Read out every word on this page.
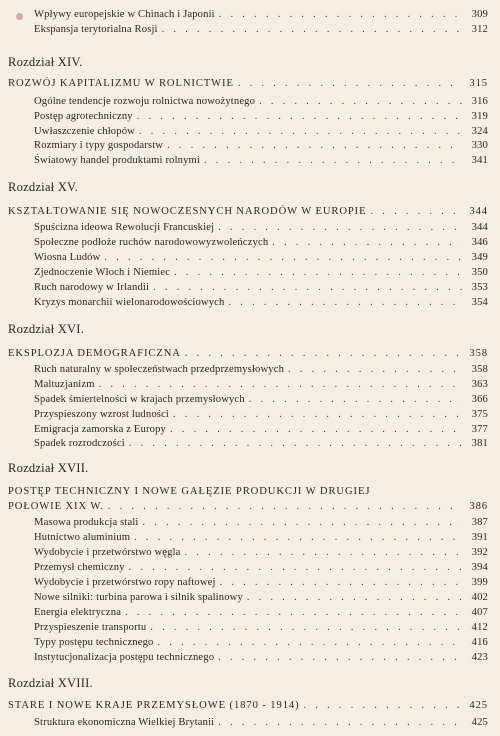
Wpływy europejskie w Chinach i Japonii . . .	309
Ekspansja terytorialna Rosji . . .	312
Rozdział XIV.
ROZWÓJ KAPITALIZMU W ROLNICTWIE . . .	315
Ogólne tendencje rozwoju rolnictwa nowożytnego . . .	316
Postęp agrotechniczny . . .	319
Uwłaszczenie chłopów . . .	324
Rozmiary i typy gospodarstw . . .	330
Światowy handel produktami rolnymi . . .	341
Rozdział XV.
KSZTAŁTOWANIE SIĘ NOWOCZESNYCH NARODÓW W EUROPIE . . .	344
Spuścizna ideowa Rewolucji Francuskiej . . .	344
Społeczne podłoże ruchów narodowowyzwoleńczych . . .	346
Wiosna Ludów . . .	349
Zjednoczenie Włoch i Niemiec . . .	350
Ruch narodowy w Irlandii . . .	353
Kryzys monarchii wielonarodowościowych . . .	354
Rozdział XVI.
EKSPLOZJA DEMOGRAFICZNA . . .	358
Ruch naturalny w społeczeństwach przedprzemysłowych . . .	358
Maltuzjanizm . . .	363
Spadek śmiertelności w krajach przemysłowych . . .	366
Przyspieszony wzrost ludności . . .	375
Emigracja zamorska z Europy . . .	377
Spadek rozrodczości . . .	381
Rozdział XVII.
POSTĘP TECHNICZNY I NOWE GAŁĘZIE PRODUKCJI W DRUGIEJ
POŁOWIE XIX W. . . .	386
Masowa produkcja stali . . .	387
Hutnictwo aluminium . . .	391
Wydobycie i przetwórstwo węgla . . .	392
Przemysł chemiczny . . .	394
Wydobycie i przetwórstwo ropy naftowej . . .	399
Nowe silniki: turbina parowa i silnik spalinowy . . .	402
Energia elektryczna . . .	407
Przyspieszenie transportu . . .	412
Typy postępu technicznego . . .	416
Instytucjonalizacja postępu technicznego . . .	423
Rozdział XVIII.
STARE I NOWE KRAJE PRZEMYSŁOWE (1870 - 1914) . . .	425
Struktura ekonomiczna Wielkiej Brytanii . . .	425
